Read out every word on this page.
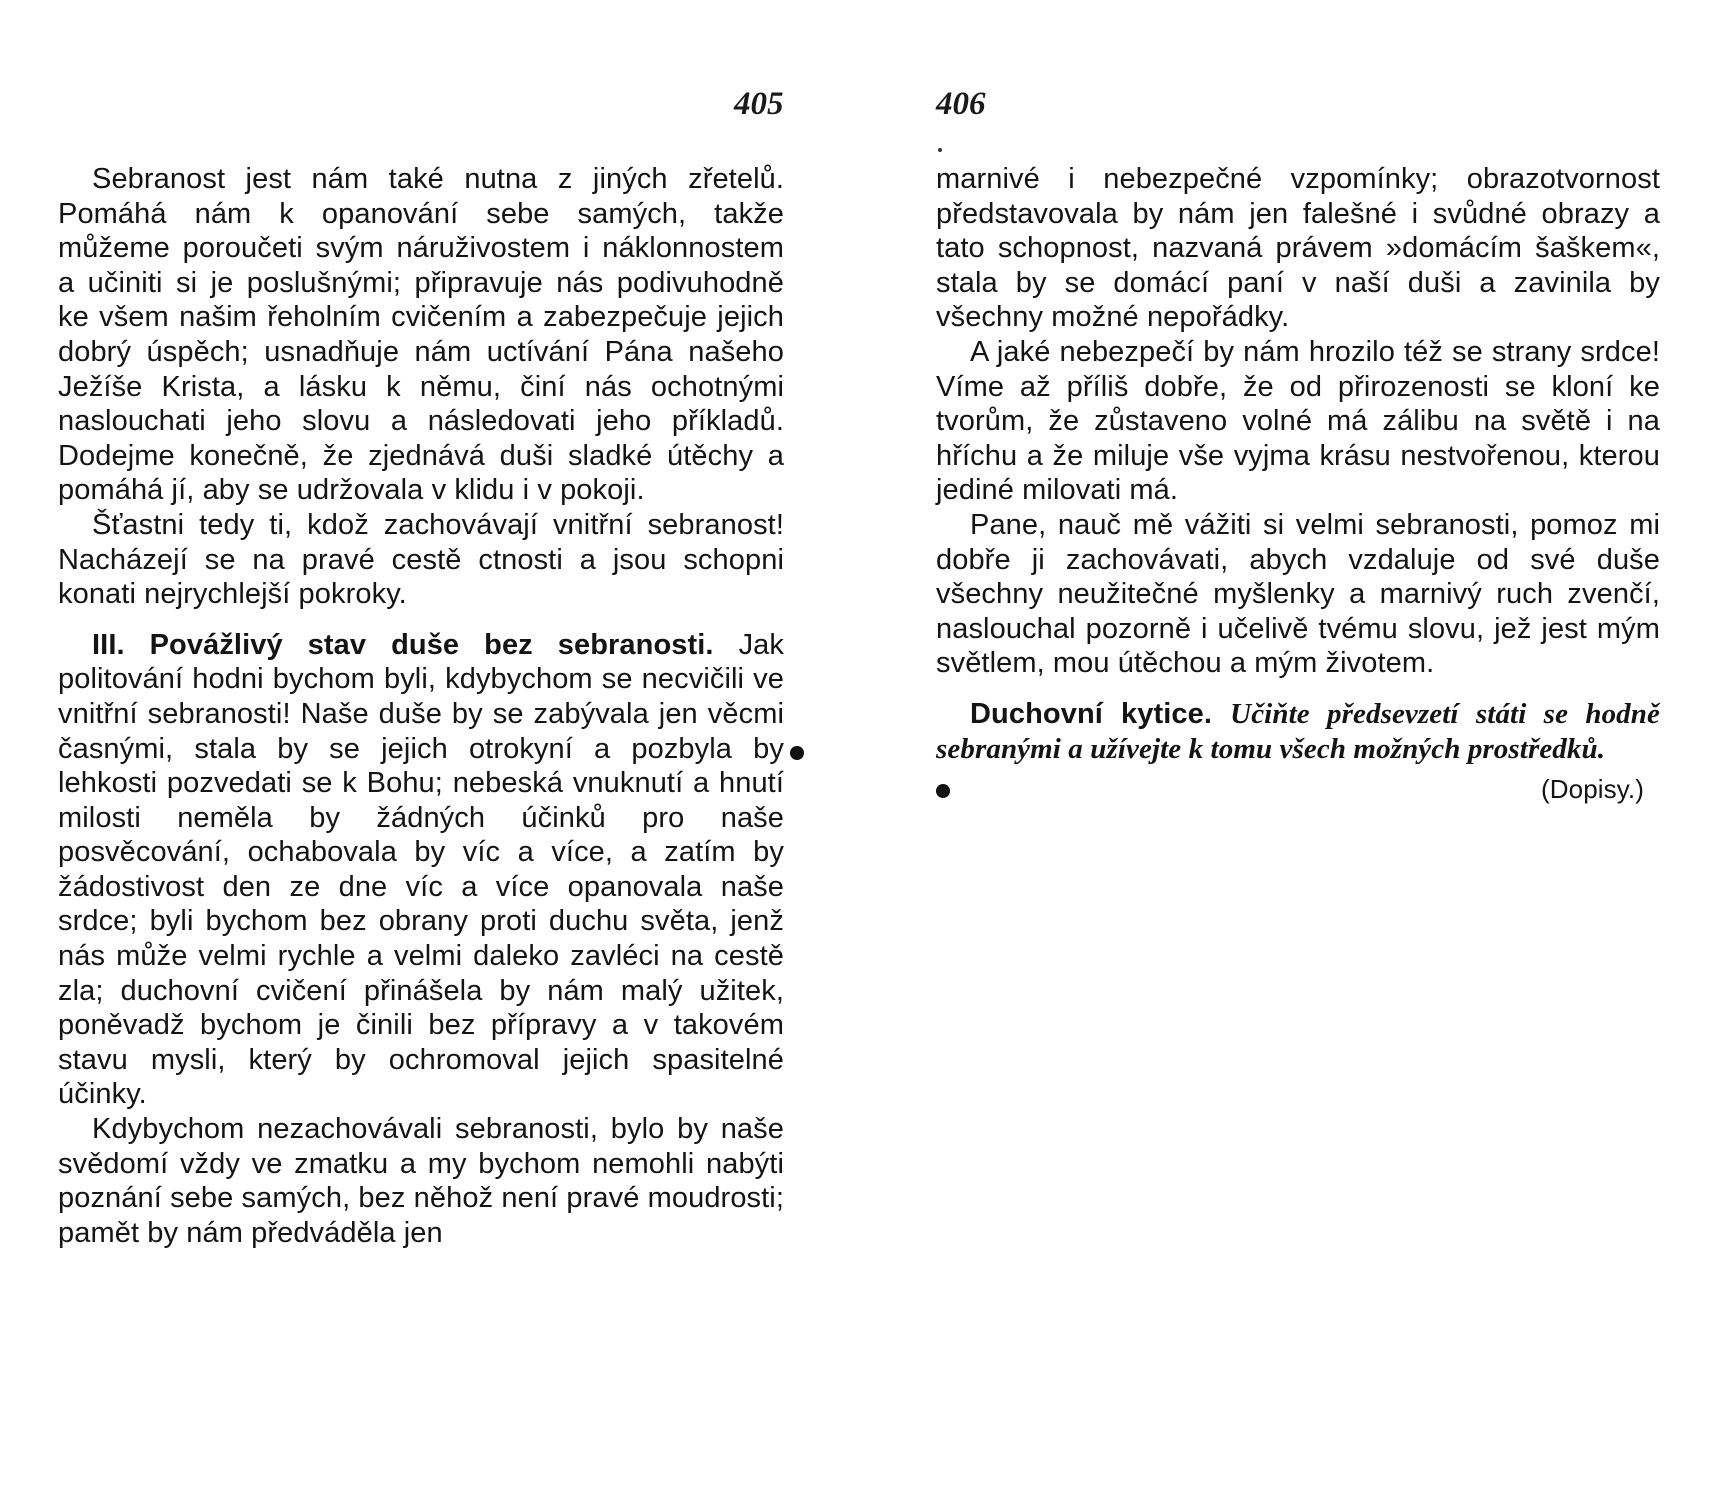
405

Sebranost jest nám také nutna z jiných zřetelů. Pomáhá nám k opanování sebe samých, takže můžeme poroučeti svým náruživostem i náklonnostem a učiniti si je poslušnými; připravuje nás podivuhodně ke všem našim řeholním cvičením a zabezpečuje jejich dobrý úspěch; usnadňuje nám uctívání Pána našeho Ježíše Krista, a lásku k němu, činí nás ochotnými naslouchati jeho slovu a následovati jeho příkladů. Dodejme konečně, že zjednává duši sladké útěchy a pomáhá jí, aby se udržovala v klidu i v pokoji.

Šťastni tedy ti, kdož zachovávají vnitřní sebranost! Nacházejí se na pravé cestě ctnosti a jsou schopni konati nejrychlejší pokroky.

III. Povážlivý stav duše bez sebranosti. Jak politování hodni bychom byli, kdybychom se necvičili ve vnitřní sebranosti! Naše duše by se zabývala jen věcmi časnými, stala by se jejich otrokyní a pozbyla by lehkosti pozvedati se k Bohu; nebeská vnuknutí a hnutí milosti neměla by žádných účinků pro naše posvěcování, ochabovala by víc a více, a zatím by žádostivost den ze dne víc a více opanovala naše srdce; byli bychom bez obrany proti duchu světa, jenž nás může velmi rychle a velmi daleko zavléci na cestě zla; duchovní cvičení přinášela by nám malý užitek, poněvadž bychom je činili bez přípravy a v takovém stavu mysli, který by ochromoval jejich spasitelné účinky.

Kdybychom nezachovávali sebranosti, bylo by naše svědomí vždy ve zmatku a my bychom nemohli nabýti poznání sebe samých, bez něhož není pravé moudrosti; pamět by nám předváděla jen

406

marnivé i nebezpečné vzpomínky; obrazotvornost představovala by nám jen falešné i svůdné obrazy a tato schopnost, nazvaná právem »domácím šaškem«, stala by se domácí paní v naší duši a zavinila by všechny možné nepořádky.

A jaké nebezpečí by nám hrozilo též se strany srdce! Víme až příliš dobře, že od přirozenosti se kloní ke tvorům, že zůstaveno volné má zálibu na světě i na hříchu a že miluje vše vyjma krásu nestvořenou, kterou jediné milovati má.

Pane, nauč mě vážiti si velmi sebranosti, pomoz mi dobře ji zachovávati, abych vzdaluje od své duše všechny neužitečné myšlenky a marnivý ruch zvenčí, naslouchal pozorně i učelivě tvému slovu, jež jest mým světlem, mou útěchou a mým životem.

Duchovní kytice. Učiňte předsevzetí státi se hodně sebranými a užívejte k tomu všech možných prostředků.

(Dopisy.)
